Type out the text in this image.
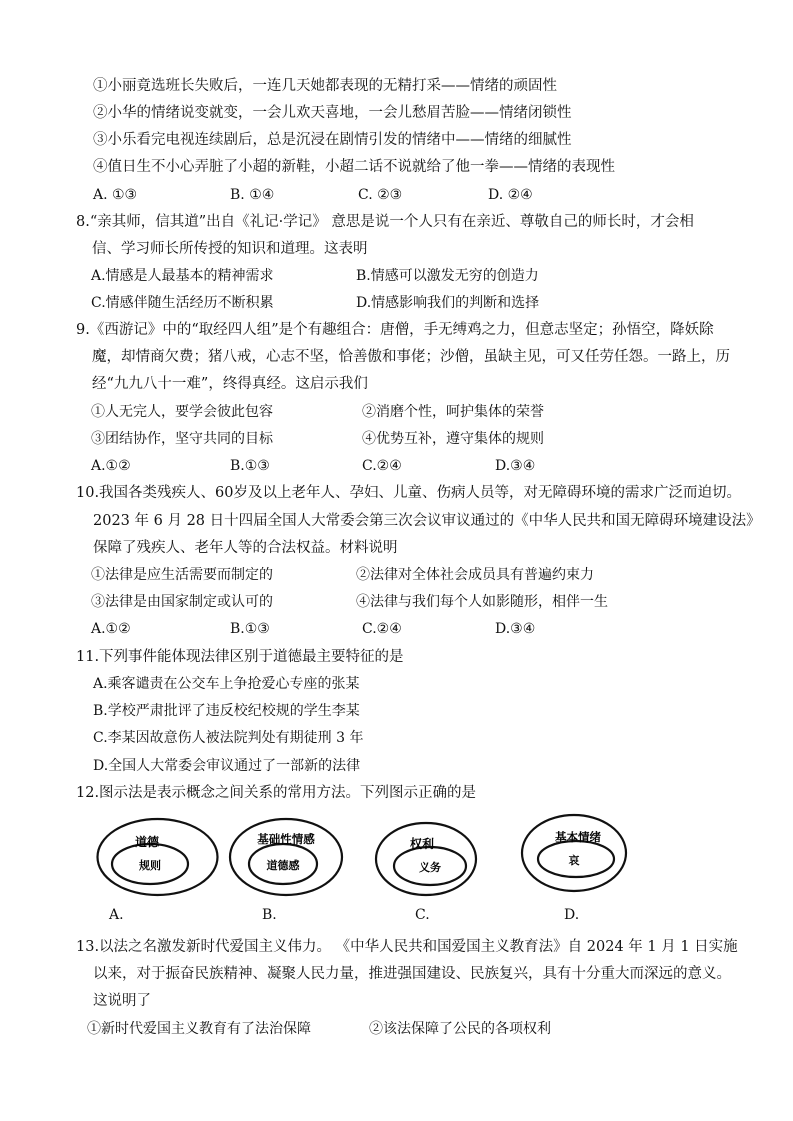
①小丽竟选班长失败后，一连几天她都表现的无精打采——情绪的顽固性
②小华的情绪说变就变，一会儿欢天喜地，一会儿愁眉苦脸——情绪闭锁性
③小乐看完电视连续剧后，总是沉浸在剧情引发的情绪中——情绪的细腻性
④值日生不小心弄脏了小超的新鞋，小超二话不说就给了他一拳——情绪的表现性
A. ①③	B. ①④	C. ②③	D. ②④
8.“亲其师，信其道”出自《礼记·学记》 意思是说一个人只有在亲近、尊敬自己的师长时，才会相
信、学习师长所传授的知识和道理。这表明
A.情感是人最基本的精神需求	B.情感可以激发无穷的创造力
C.情感伴随生活经历不断积累	D.情感影响我们的判断和选择
9.《西游记》中的“取经四人组”是个有趣组合：唐僧，手无缚鸡之力，但意志坚定；孙悟空，降妖除
魔，却情商欠费；猪八戒，心志不坚，恰善傲和事佬；沙僧，虽缺主见，可又任劳任怨。一路上，历
经“九九八十一难”，终得真经。这启示我们
①人无完人，要学会彼此包容	②消磨个性，呵护集体的荣誉
③团结协作，坚守共同的目标	④优势互补，遵守集体的规则
A.①②	B.①③	C.②④	D.③④
10.我国各类残疾人、60岁及以上老年人、孕妇、儿童、伤病人员等，对无障碍环境的需求广泛而迫切。
2023 年 6 月 28 日十四届全国人大常委会第三次会议审议通过的《中华人民共和国无障碍环境建设法》
保障了残疾人、老年人等的合法权益。材料说明
①法律是应生活需要而制定的	②法律对全体社会成员具有普遍约束力
③法律是由国家制定或认可的	④法律与我们每个人如影随形，相伴一生
A.①②	B.①③	C.②④	D.③④
11.下列事件能体现法律区别于道德最主要特征的是
A.乘客谴责在公交车上争抢爱心专座的张某
B.学校严肃批评了违反校纪校规的学生李某
C.李某因故意伤人被法院判处有期徒刑 3 年
D.全国人大常委会审议通过了一部新的法律
12.图示法是表示概念之间关系的常用方法。下列图示正确的是
道德
规则
A.
基础性情感
道德感
B.
权利
义务
C.
基本情绪
哀
D.
13.以法之名激发新时代爱国主义伟力。 《中华人民共和国爱国主义教育法》自 2024 年 1 月 1 日实施
以来，对于振奋民族精神、凝聚人民力量，推进强国建设、民族复兴，具有十分重大而深远的意义。
这说明了
①新时代爱国主义教育有了法治保障	②该法保障了公民的各项权利
